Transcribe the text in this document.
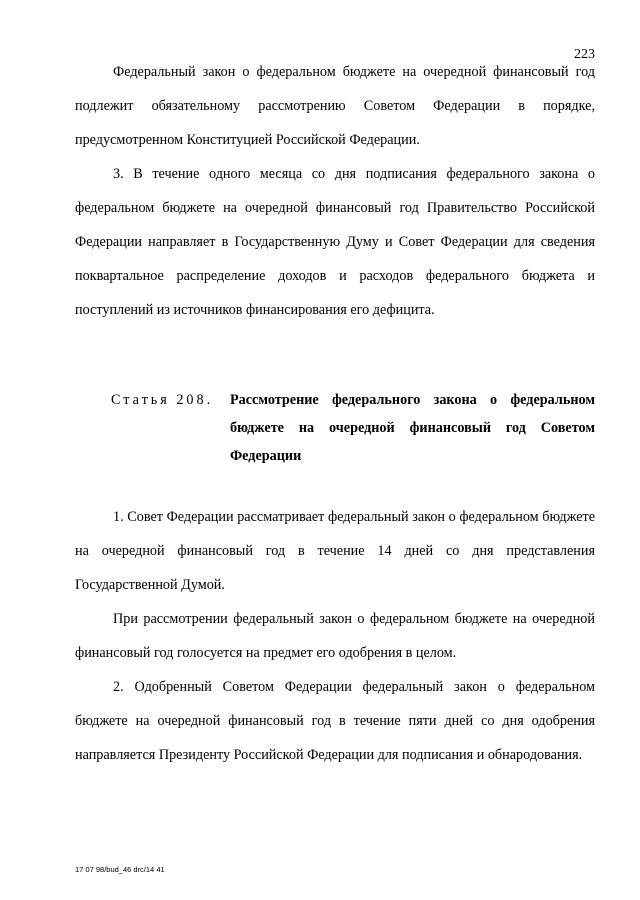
223

Федеральный закон о федеральном бюджете на очередной финансовый год подлежит обязательному рассмотрению Советом Федерации в порядке, предусмотренном Конституцией Российской Федерации.

3. В течение одного месяца со дня подписания федерального закона о федеральном бюджете на очередной финансовый год Правительство Российской Федерации направляет в Государственную Думу и Совет Федерации для сведения поквартальное распределение доходов и расходов федерального бюджета и поступлений из источников финансирования его дефицита.

Статья 208. Рассмотрение федерального закона о федеральном бюджете на очередной финансовый год Советом Федерации

1. Совет Федерации рассматривает федеральный закон о федеральном бюджете на очередной финансовый год в течение 14 дней со дня представления Государственной Думой.

При рассмотрении федеральный закон о федеральном бюджете на очередной финансовый год голосуется на предмет его одобрения в целом.

2. Одобренный Советом Федерации федеральный закон о федеральном бюджете на очередной финансовый год в течение пяти дней со дня одобрения направляется Президенту Российской Федерации для подписания и обнародования.

17 07 98/bud_46 drc/14 41
